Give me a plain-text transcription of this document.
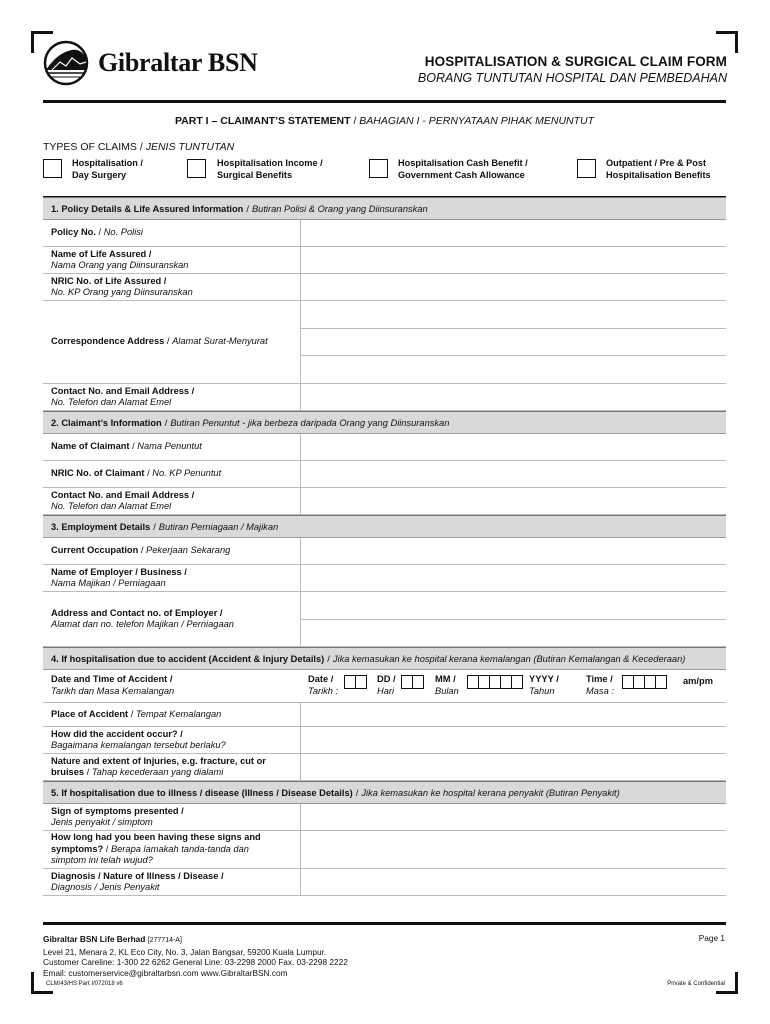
Gibraltar BSN	HOSPITALISATION & SURGICAL CLAIM FORM
BORANG TUNTUTAN HOSPITAL DAN PEMBEDAHAN
PART I – CLAIMANT’S STATEMENT / BAHAGIAN I - PERNYATAAN PIHAK MENUNTUT
TYPES OF CLAIMS / JENIS TUNTUTAN
Hospitalisation /
Day Surgery
Hospitalisation Income /
Surgical Benefits
Hospitalisation Cash Benefit /
Government Cash Allowance
Outpatient / Pre & Post
Hospitalisation Benefits
1. Policy Details & Life Assured Information / Butiran Polisi & Orang yang Diinsuranskan
Policy No. / No. Polisi
Name of Life Assured /
Nama Orang yang Diinsuranskan
NRIC No. of Life Assured /
No. KP Orang yang Diinsuranskan
Correspondence Address / Alamat Surat-Menyurat
Contact No. and Email Address /
No. Telefon dan Alamat Emel
2. Claimant’s Information / Butiran Penuntut - jika berbeza daripada Orang yang Diinsuranskan
Name of Claimant / Nama Penuntut
NRIC No. of Claimant / No. KP Penuntut
Contact No. and Email Address /
No. Telefon dan Alamat Emel
3. Employment Details / Butiran Perniagaan / Majikan
Current Occupation / Pekerjaan Sekarang
Name of Employer / Business /
Nama Majikan / Perniagaan
Address and Contact no. of Employer /
Alamat dan no. telefon Majikan / Perniagaan
4. If hospitalisation due to accident (Accident & Injury Details) / Jika kemasukan ke hospital kerana kemalangan (Butiran Kemalangan & Kecederaan)
Date and Time of Accident /
Tarikh dan Masa Kemalangan
Date /
Tarikh :
DD /
Hari
MM /
Bulan
YYYY /
Tahun
Time /
Masa :
am/pm
Place of Accident / Tempat Kemalangan
How did the accident occur? /
Bagaimana kemalangan tersebut berlaku?
Nature and extent of Injuries, e.g. fracture, cut or
bruises / Tahap kecederaan yang dialami
5. If hospitalisation due to illness / disease (Illness / Disease Details) / Jika kemasukan ke hospital kerana penyakit (Butiran Penyakit)
Sign of symptoms presented /
Jenis penyakit / simptom
How long had you been having these signs and
symptoms? / Berapa lamakah tanda-tanda dan
simptom ini telah wujud?
Diagnosis / Nature of Illness / Disease /
Diagnosis / Jenis Penyakit
Gibraltar BSN Life Berhad [277714-A]
Level 21, Menara 2, KL Eco City, No. 3, Jalan Bangsar, 59200 Kuala Lumpur.
Customer Careline: 1-300 22 6262 General Line: 03-2298 2000 Fax. 03-2298 2222
Email: customerservice@gibraltarbsn.com www.GibraltarBSN.com
Page 1
CLM/43/HS Part I/072018 v6	Private & Confidential
